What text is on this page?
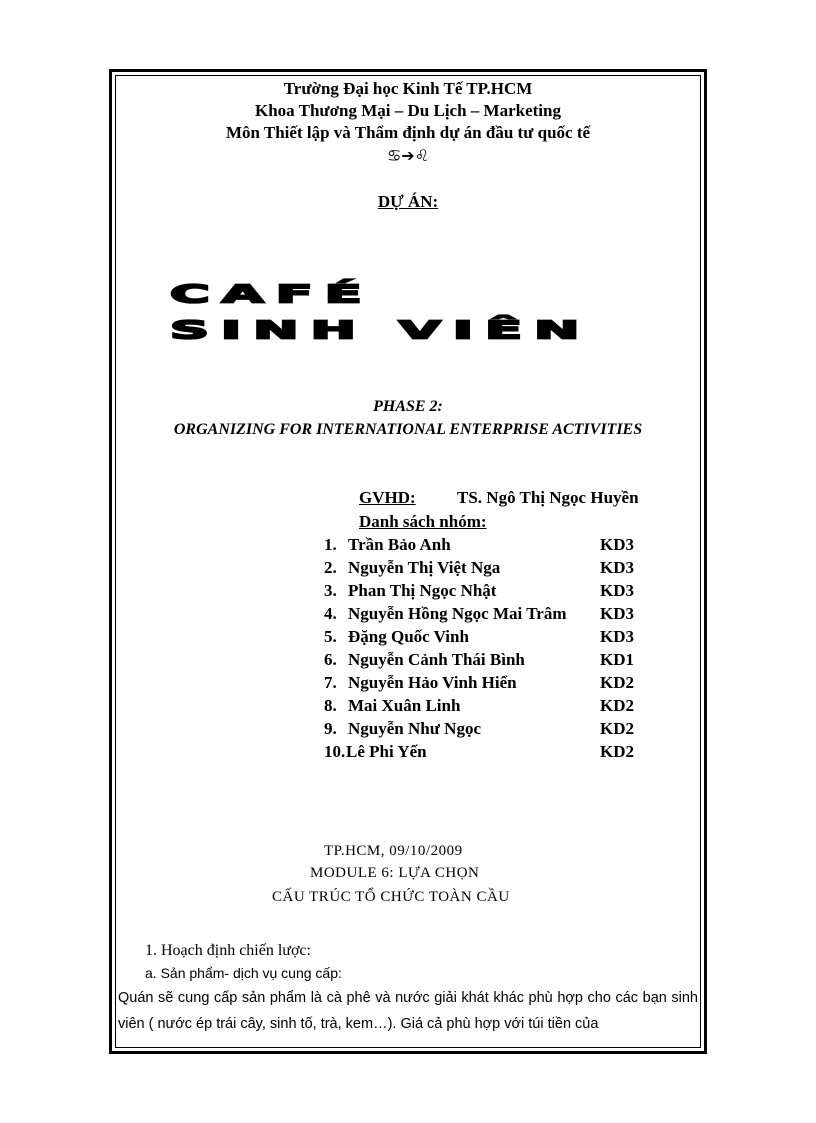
Trường Đại học Kinh Tế TP.HCM
Khoa Thương Mại – Du Lịch – Marketing
Môn Thiết lập và Thẩm định dự án đầu tư quốc tế
♋➔♌
DỰ ÁN:
CAFÉ
SINH VIÊN
PHASE 2:
ORGANIZING FOR INTERNATIONAL ENTERPRISE ACTIVITIES
GVHD: TS. Ngô Thị Ngọc Huyền
Danh sách nhóm:
1. Trần Bảo Anh	KD3
2. Nguyễn Thị Việt Nga	KD3
3. Phan Thị Ngọc Nhật	KD3
4. Nguyễn Hồng Ngọc Mai Trâm KD3
5. Đặng Quốc Vinh	KD3
6. Nguyễn Cảnh Thái Bình	KD1
7. Nguyễn Hảo Vinh Hiển	KD2
8. Mai Xuân Linh	KD2
9. Nguyễn Như Ngọc	KD2
10. Lê Phi Yến	KD2
TP.HCM, 09/10/2009
MODULE 6: LỰA CHỌN
CẤU TRÚC TỔ CHỨC TOÀN CẦU
1. Hoạch định chiến lược:
a. Sản phẩm- dịch vụ cung cấp:
Quán sẽ cung cấp sản phẩm là cà phê và nước giải khát khác phù hợp cho các bạn sinh viên ( nước ép trái cây, sinh tố, trà, kem…). Giá cả phù hợp với túi tiền của
